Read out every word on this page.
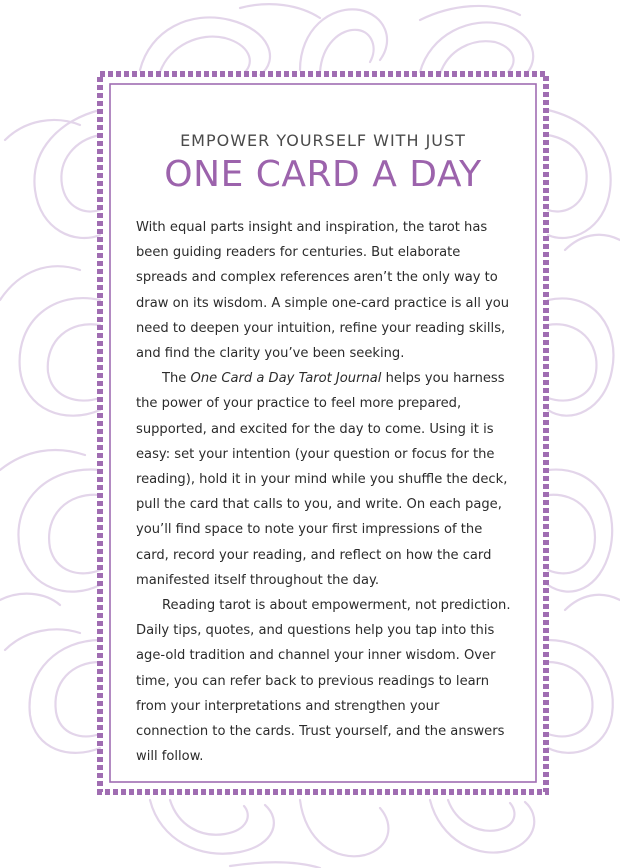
EMPOWER YOURSELF WITH JUST
ONE CARD A DAY

With equal parts insight and inspiration, the tarot has been guiding readers for centuries. But elaborate spreads and complex references aren’t the only way to draw on its wisdom. A simple one-card practice is all you need to deepen your intuition, refine your reading skills, and find the clarity you’ve been seeking.

The One Card a Day Tarot Journal helps you harness the power of your practice to feel more prepared, supported, and excited for the day to come. Using it is easy: set your intention (your question or focus for the reading), hold it in your mind while you shuffle the deck, pull the card that calls to you, and write. On each page, you’ll find space to note your first impressions of the card, record your reading, and reflect on how the card manifested itself throughout the day.

Reading tarot is about empowerment, not prediction. Daily tips, quotes, and questions help you tap into this age-old tradition and channel your inner wisdom. Over time, you can refer back to previous readings to learn from your interpretations and strengthen your connection to the cards. Trust yourself, and the answers will follow.
